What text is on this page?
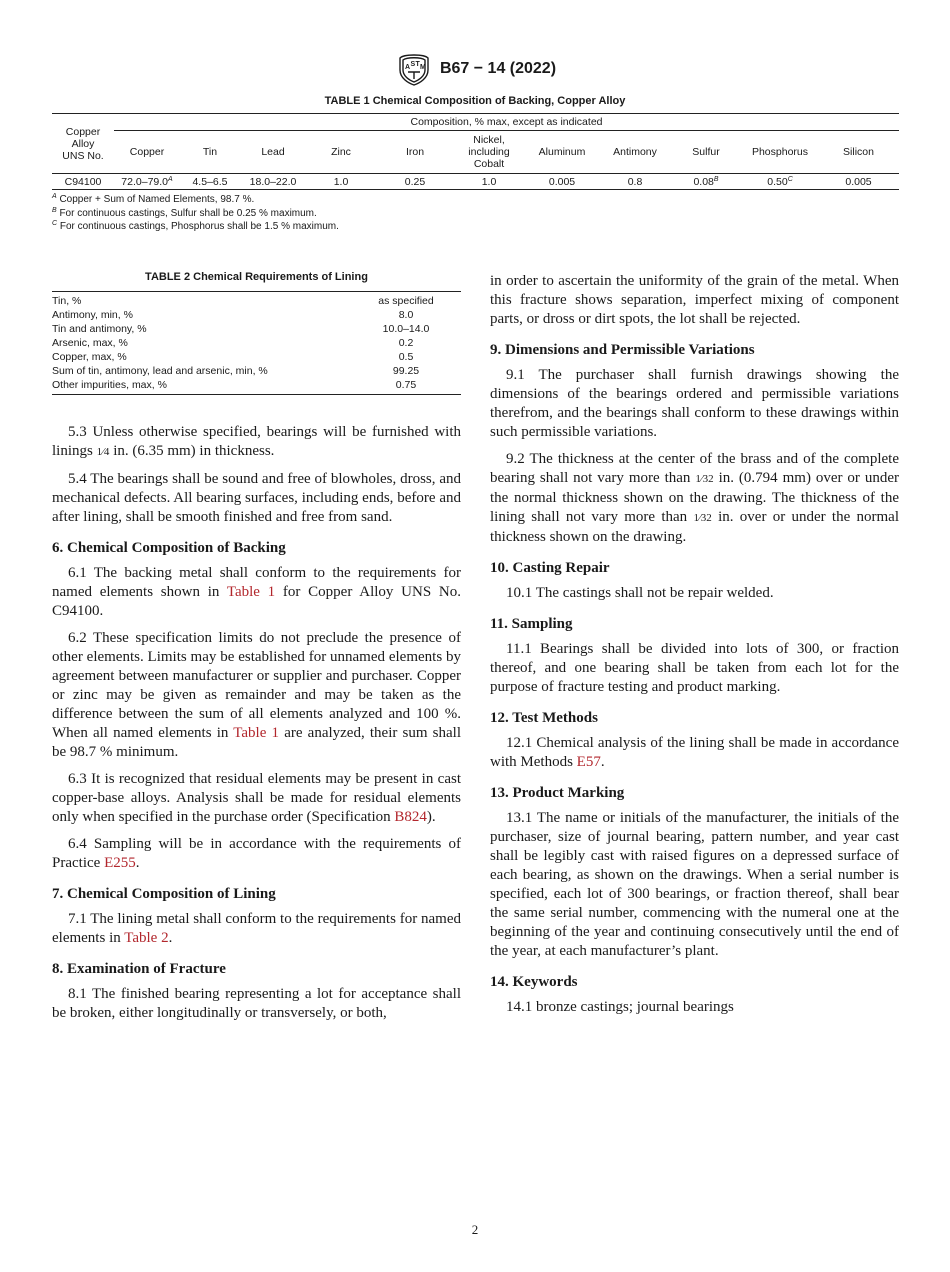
A S T M B67 − 14 (2022)
TABLE 1 Chemical Composition of Backing, Copper Alloy
Copper
Alloy
UNS No.	Composition, % max, except as indicated										
	Copper	Tin	Lead	Zinc	Iron	Nickel,
including
Cobalt	Aluminum	Antimony	Sulfur	Phosphorus	Silicon
C94100	$72.0-79.0^A$	4.5–6.5	18.0–22.0	1.0	0.25	1.0	0.005	0.8	$0.08^B$	$0.50^C$	0.005
$^A$ Copper + Sum of Named Elements, 98.7 %.
$^B$ For continuous castings, Sulfur shall be 0.25 % maximum.
$^C$ For continuous castings, Phosphorus shall be 1.5 % maximum.
TABLE 2 Chemical Requirements of Lining
Tin, %	as specified
Antimony, min, %	8.0
Tin and antimony, %	10.0–14.0
Arsenic, max, %	0.2
Copper, max, %	0.5
Sum of tin, antimony, lead and arsenic, min, %	99.25
Other impurities, max, %	0.75

5.3 Unless otherwise specified, bearings will be furnished with linings 1⁄4 in. (6.35 mm) in thickness.

5.4 The bearings shall be sound and free of blowholes, dross, and mechanical defects. All bearing surfaces, including ends, before and after lining, shall be smooth finished and free from sand.

6. Chemical Composition of Backing

6.1 The backing metal shall conform to the requirements for named elements shown in Table 1 for Copper Alloy UNS No. C94100.

6.2 These specification limits do not preclude the presence of other elements. Limits may be established for unnamed elements by agreement between manufacturer or supplier and purchaser. Copper or zinc may be given as remainder and may be taken as the difference between the sum of all elements analyzed and 100 %. When all named elements in Table 1 are analyzed, their sum shall be 98.7 % minimum.

6.3 It is recognized that residual elements may be present in cast copper-base alloys. Analysis shall be made for residual elements only when specified in the purchase order (Specification B824).

6.4 Sampling will be in accordance with the requirements of Practice E255.

7. Chemical Composition of Lining

7.1 The lining metal shall conform to the requirements for named elements in Table 2.

8. Examination of Fracture

8.1 The finished bearing representing a lot for acceptance shall be broken, either longitudinally or transversely, or both,

in order to ascertain the uniformity of the grain of the metal. When this fracture shows separation, imperfect mixing of component parts, or dross or dirt spots, the lot shall be rejected.

9. Dimensions and Permissible Variations

9.1 The purchaser shall furnish drawings showing the dimensions of the bearings ordered and permissible variations therefrom, and the bearings shall conform to these drawings within such permissible variations.

9.2 The thickness at the center of the brass and of the complete bearing shall not vary more than 1⁄32 in. (0.794 mm) over or under the normal thickness shown on the drawing. The thickness of the lining shall not vary more than 1⁄32 in. over or under the normal thickness shown on the drawing.

10. Casting Repair

10.1 The castings shall not be repair welded.

11. Sampling

11.1 Bearings shall be divided into lots of 300, or fraction thereof, and one bearing shall be taken from each lot for the purpose of fracture testing and product marking.

12. Test Methods

12.1 Chemical analysis of the lining shall be made in accordance with Methods E57.

13. Product Marking

13.1 The name or initials of the manufacturer, the initials of the purchaser, size of journal bearing, pattern number, and year cast shall be legibly cast with raised figures on a depressed surface of each bearing, as shown on the drawings. When a serial number is specified, each lot of 300 bearings, or fraction thereof, shall bear the same serial number, commencing with the numeral one at the beginning of the year and continuing consecutively until the end of the year, at each manufacturer’s plant.

14. Keywords

14.1 bronze castings; journal bearings

2
